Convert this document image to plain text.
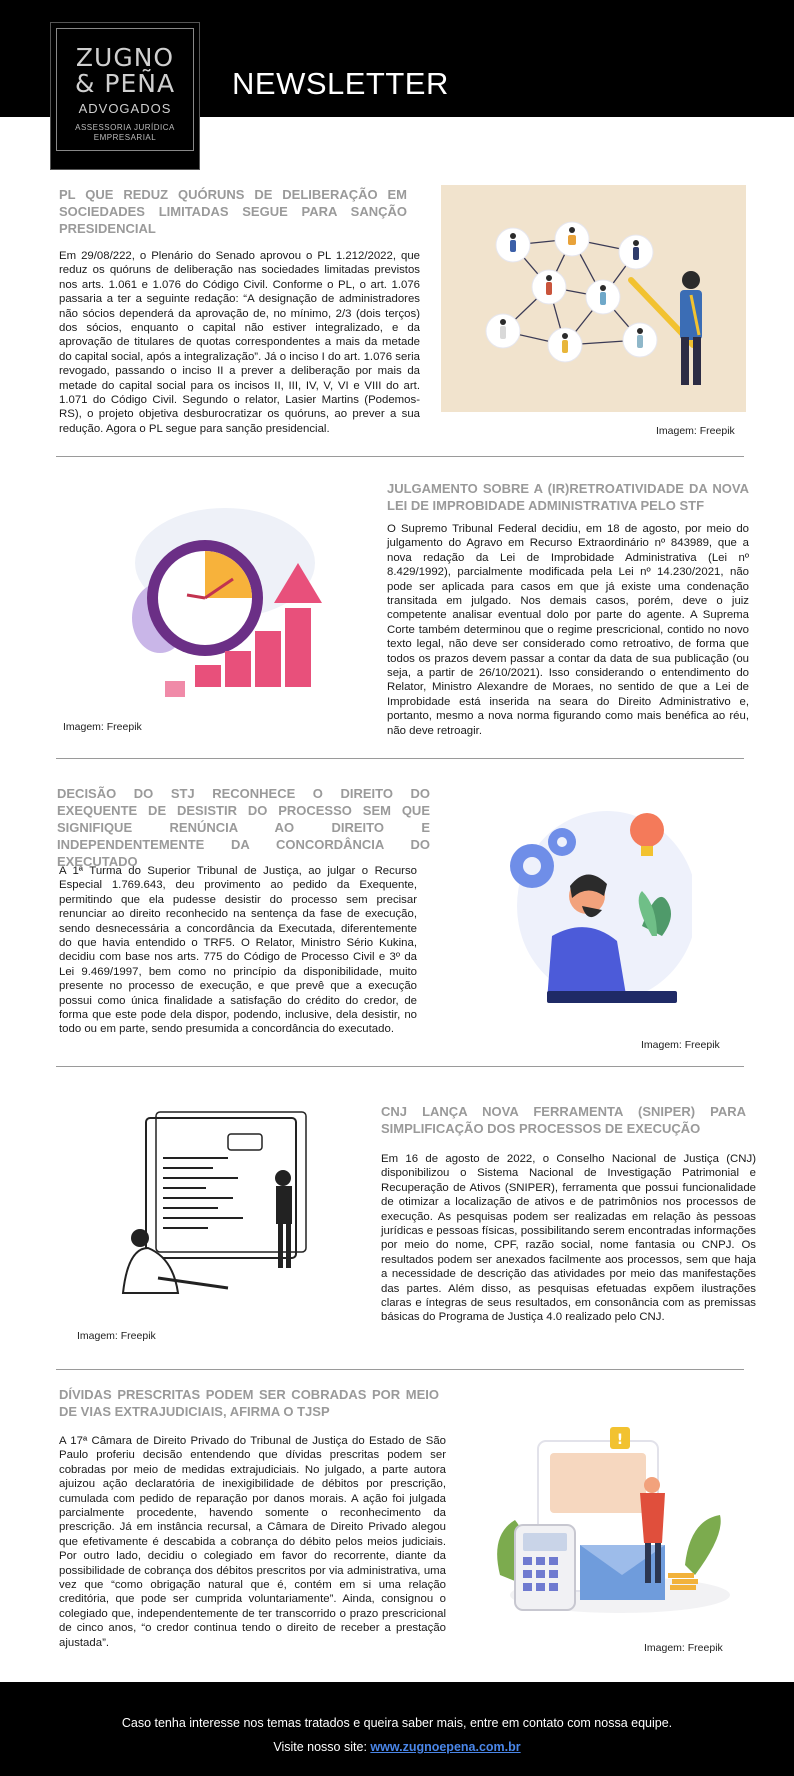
NEWSLETTER
ZUGNO
& PEÑA
ADVOGADOS
ASSESSORIA JURÍDICA
EMPRESARIAL
PL QUE REDUZ QUÓRUNS DE DELIBERAÇÃO EM SOCIEDADES LIMITADAS SEGUE PARA SANÇÃO PRESIDENCIAL
Em 29/08/222, o Plenário do Senado aprovou o PL 1.212/2022, que reduz os quóruns de deliberação nas sociedades limitadas previstos nos arts. 1.061 e 1.076 do Código Civil. Conforme o PL, o art. 1.076 passaria a ter a seguinte redação: “A designação de administradores não sócios dependerá da aprovação de, no mínimo, 2/3 (dois terços) dos sócios, enquanto o capital não estiver integralizado, e da aprovação de titulares de quotas correspondentes a mais da metade do capital social, após a integralização”. Já o inciso I do art. 1.076 seria revogado, passando o inciso II a prever a deliberação por mais da metade do capital social para os incisos II, III, IV, V, VI e VIII do art. 1.071 do Código Civil. Segundo o relator, Lasier Martins (Podemos-RS), o projeto objetiva desburocratizar os quóruns, ao prever a sua redução. Agora o PL segue para sanção presidencial.	Imagem: Freepik
JULGAMENTO SOBRE A (IR)RETROATIVIDADE DA NOVA LEI DE IMPROBIDADE ADMINISTRATIVA PELO STF
O Supremo Tribunal Federal decidiu, em 18 de agosto, por meio do julgamento do Agravo em Recurso Extraordinário nº 843989, que a nova redação da Lei de Improbidade Administrativa (Lei nº 8.429/1992), parcialmente modificada pela Lei nº 14.230/2021, não pode ser aplicada para casos em que já existe uma condenação transitada em julgado. Nos demais casos, porém, deve o juiz competente analisar eventual dolo por parte do agente. A Suprema Corte também determinou que o regime prescricional, contido no novo texto legal, não deve ser considerado como retroativo, de forma que todos os prazos devem passar a contar da data de sua publicação (ou seja, a partir de 26/10/2021). Isso considerando o entendimento do Relator, Ministro Alexandre de Moraes, no sentido de que a Lei de Improbidade está inserida na seara do Direito Administrativo e, portanto, mesmo a nova norma figurando como mais benéfica ao réu, não deve retroagir.
Imagem: Freepik
DECISÃO DO STJ RECONHECE O DIREITO DO EXEQUENTE DE DESISTIR DO PROCESSO SEM QUE SIGNIFIQUE RENÚNCIA AO DIREITO E INDEPENDENTEMENTE DA CONCORDÂNCIA DO EXECUTADO
A 1ª Turma do Superior Tribunal de Justiça, ao julgar o Recurso Especial 1.769.643, deu provimento ao pedido da Exequente, permitindo que ela pudesse desistir do processo sem precisar renunciar ao direito reconhecido na sentença da fase de execução, sendo desnecessária a concordância da Executada, diferentemente do que havia entendido o TRF5. O Relator, Ministro Sério Kukina, decidiu com base nos arts. 775 do Código de Processo Civil e 3º da Lei 9.469/1997, bem como no princípio da disponibilidade, muito presente no processo de execução, e que prevê que a execução possui como única finalidade a satisfação do crédito do credor, de forma que este pode dela dispor, podendo, inclusive, dela desistir, no todo ou em parte, sendo presumida a concordância do executado.
Imagem: Freepik
CNJ LANÇA NOVA FERRAMENTA (SNIPER) PARA SIMPLIFICAÇÃO DOS PROCESSOS DE EXECUÇÃO
Em 16 de agosto de 2022, o Conselho Nacional de Justiça (CNJ) disponibilizou o Sistema Nacional de Investigação Patrimonial e Recuperação de Ativos (SNIPER), ferramenta que possui funcionalidade de otimizar a localização de ativos e de patrimônios nos processos de execução. As pesquisas podem ser realizadas em relação às pessoas jurídicas e pessoas físicas, possibilitando serem encontradas informações por meio do nome, CPF, razão social, nome fantasia ou CNPJ. Os resultados podem ser anexados facilmente aos processos, sem que haja a necessidade de descrição das atividades por meio das manifestações das partes. Além disso, as pesquisas efetuadas expõem ilustrações claras e íntegras de seus resultados, em consonância com as premissas básicas do Programa de Justiça 4.0 realizado pelo CNJ.
Imagem: Freepik
DÍVIDAS PRESCRITAS PODEM SER COBRADAS POR MEIO DE VIAS EXTRAJUDICIAIS, AFIRMA O TJSP
A 17ª Câmara de Direito Privado do Tribunal de Justiça do Estado de São Paulo proferiu decisão entendendo que dívidas prescritas podem ser cobradas por meio de medidas extrajudiciais. No julgado, a parte autora ajuizou ação declaratória de inexigibilidade de débitos por prescrição, cumulada com pedido de reparação por danos morais. A ação foi julgada parcialmente procedente, havendo somente o reconhecimento da prescrição. Já em instância recursal, a Câmara de Direito Privado alegou que efetivamente é descabida a cobrança do débito pelos meios judiciais. Por outro lado, decidiu o colegiado em favor do recorrente, diante da possibilidade de cobrança dos débitos prescritos por via administrativa, uma vez que “como obrigação natural que é, contém em si uma relação creditória, que pode ser cumprida voluntariamente”. Ainda, consignou o colegiado que, independentemente de ter transcorrido o prazo prescricional de cinco anos, “o credor continua tendo o direito de receber a prestação ajustada”.
!
Imagem: Freepik
Caso tenha interesse nos temas tratados e queira saber mais, entre em contato com nossa equipe.
Visite nosso site: www.zugnoepena.com.br
